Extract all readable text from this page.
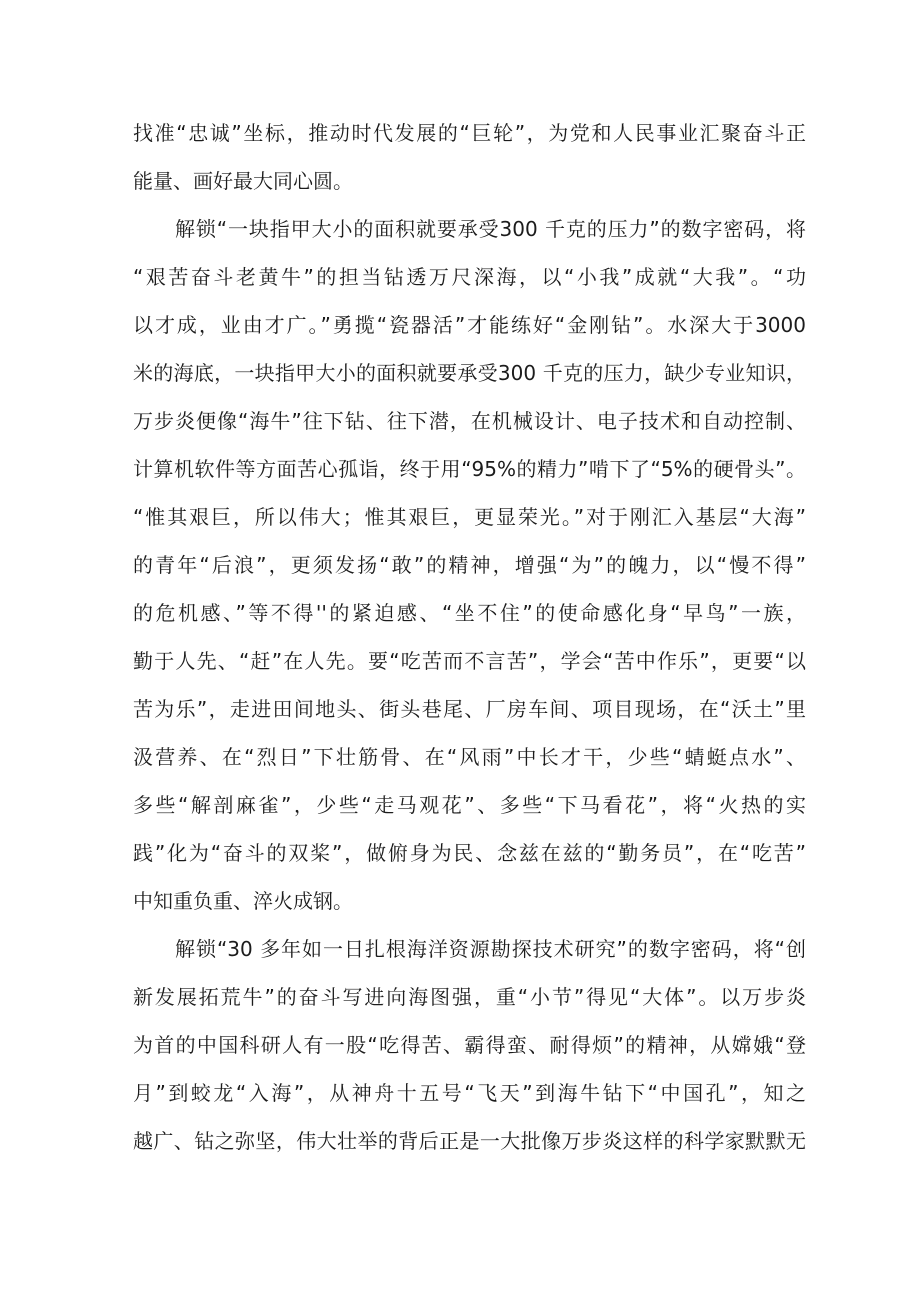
找准“忠诚”坐标，推动时代发展的“巨轮”，为党和人民事业汇聚奋斗正
能量、画好最大同心圆。
解锁“一块指甲大小的面积就要承受300 千克的压力”的数字密码，将
“艰苦奋斗老黄牛”的担当钻透万尺深海，以“小我”成就“大我”。“功
以才成，业由才广。”勇揽“瓷器活”才能练好“金刚钻”。水深大于3000
米的海底，一块指甲大小的面积就要承受300 千克的压力，缺少专业知识，
万步炎便像“海牛”往下钻、往下潜，在机械设计、电子技术和自动控制、
计算机软件等方面苦心孤诣，终于用“95%的精力”啃下了“5%的硬骨头”。
“惟其艰巨，所以伟大；惟其艰巨，更显荣光。”对于刚汇入基层“大海”
的青年“后浪”，更须发扬“敢”的精神，增强“为”的魄力，以“慢不得”
的危机感、”等不得''的紧迫感、“坐不住”的使命感化身“早鸟”一族，
勤于人先、“赶”在人先。要“吃苦而不言苦”，学会“苦中作乐”，更要“以
苦为乐”，走进田间地头、街头巷尾、厂房车间、项目现场，在“沃土”里
汲营养、在“烈日”下壮筋骨、在“风雨”中长才干，少些“蜻蜓点水”、
多些“解剖麻雀”，少些“走马观花”、多些“下马看花”，将“火热的实
践”化为“奋斗的双桨”，做俯身为民、念兹在兹的“勤务员”，在“吃苦”
中知重负重、淬火成钢。
解锁“30 多年如一日扎根海洋资源勘探技术研究”的数字密码，将“创
新发展拓荒牛”的奋斗写进向海图强，重“小节”得见“大体”。以万步炎
为首的中国科研人有一股“吃得苦、霸得蛮、耐得烦”的精神，从嫦娥“登
月”到蛟龙“入海”，从神舟十五号“飞天”到海牛钻下“中国孔”，知之
越广、钻之弥坚，伟大壮举的背后正是一大批像万步炎这样的科学家默默无
